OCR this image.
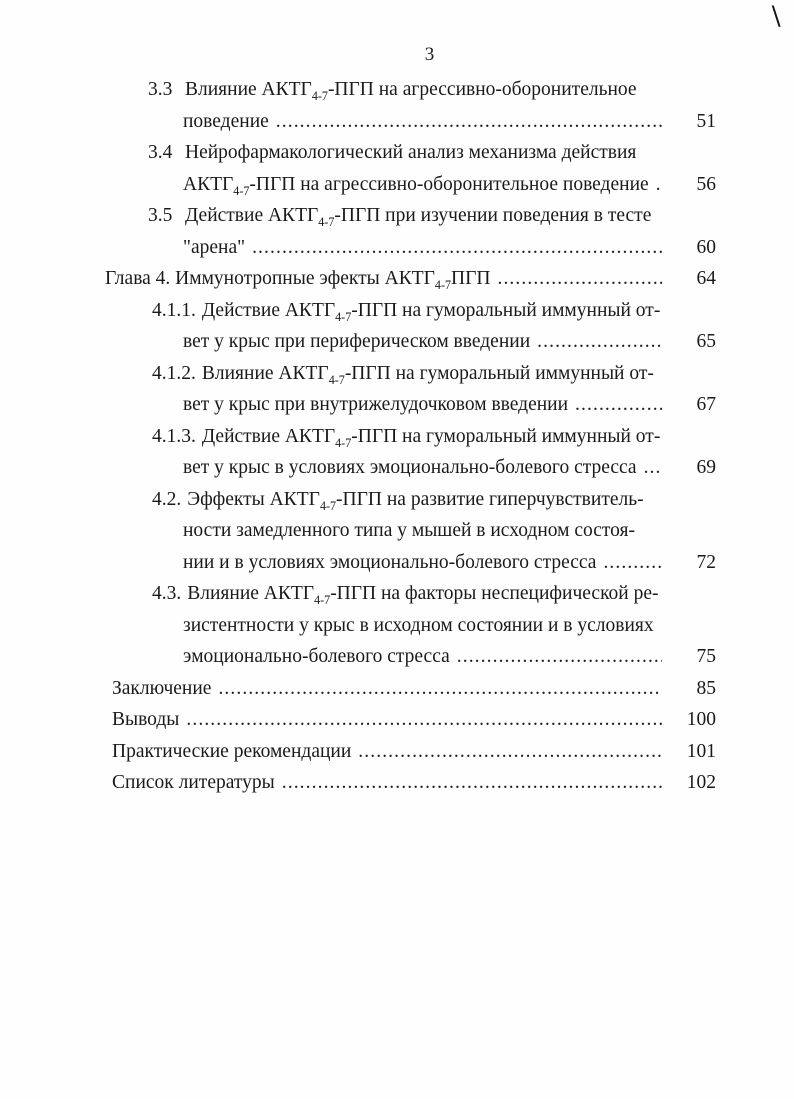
\
3
3.3 Влияние $АКТГ_{4-7}$-ПГП на агрессивно-оборонительное
поведение .....	51
3.4 Нейрофармакологический анализ механизма действия
$АКТГ_{4-7}$-ПГП на агрессивно-оборонительное поведение .....	56
3.5 Действие $АКТГ_{4-7}$-ПГП при изучении поведения в тесте
"арена" .....	60
Глава 4. Иммунотропные эфекты $АКТГ_{4-7}ПГП$ .....	64
4.1.1. Действие $АКТГ_{4-7}$-ПГП на гуморальный иммунный от-
вет у крыс при периферическом введении .....	65
4.1.2. Влияние $АКТГ_{4-7}$-ПГП на гуморальный иммунный от-
вет у крыс при внутрижелудочковом введении .....	67
4.1.3. Действие $АКТГ_{4-7}$-ПГП на гуморальный иммунный от-
вет у крыс в условиях эмоционально-болевого стресса .....	69
4.2. Эффекты $АКТГ_{4-7}$-ПГП на развитие гиперчувствитель-
ности замедленного типа у мышей в исходном состоя-
нии и в условиях эмоционально-болевого стресса .....	72
4.3. Влияние $АКТГ_{4-7}$-ПГП на факторы неспецифической ре-
зистентности у крыс в исходном состоянии и в условиях
эмоционально-болевого стресса .....	75
Заключение .....	85
Выводы .....	100
Практические рекомендации .....	101
Список литературы .....	102
